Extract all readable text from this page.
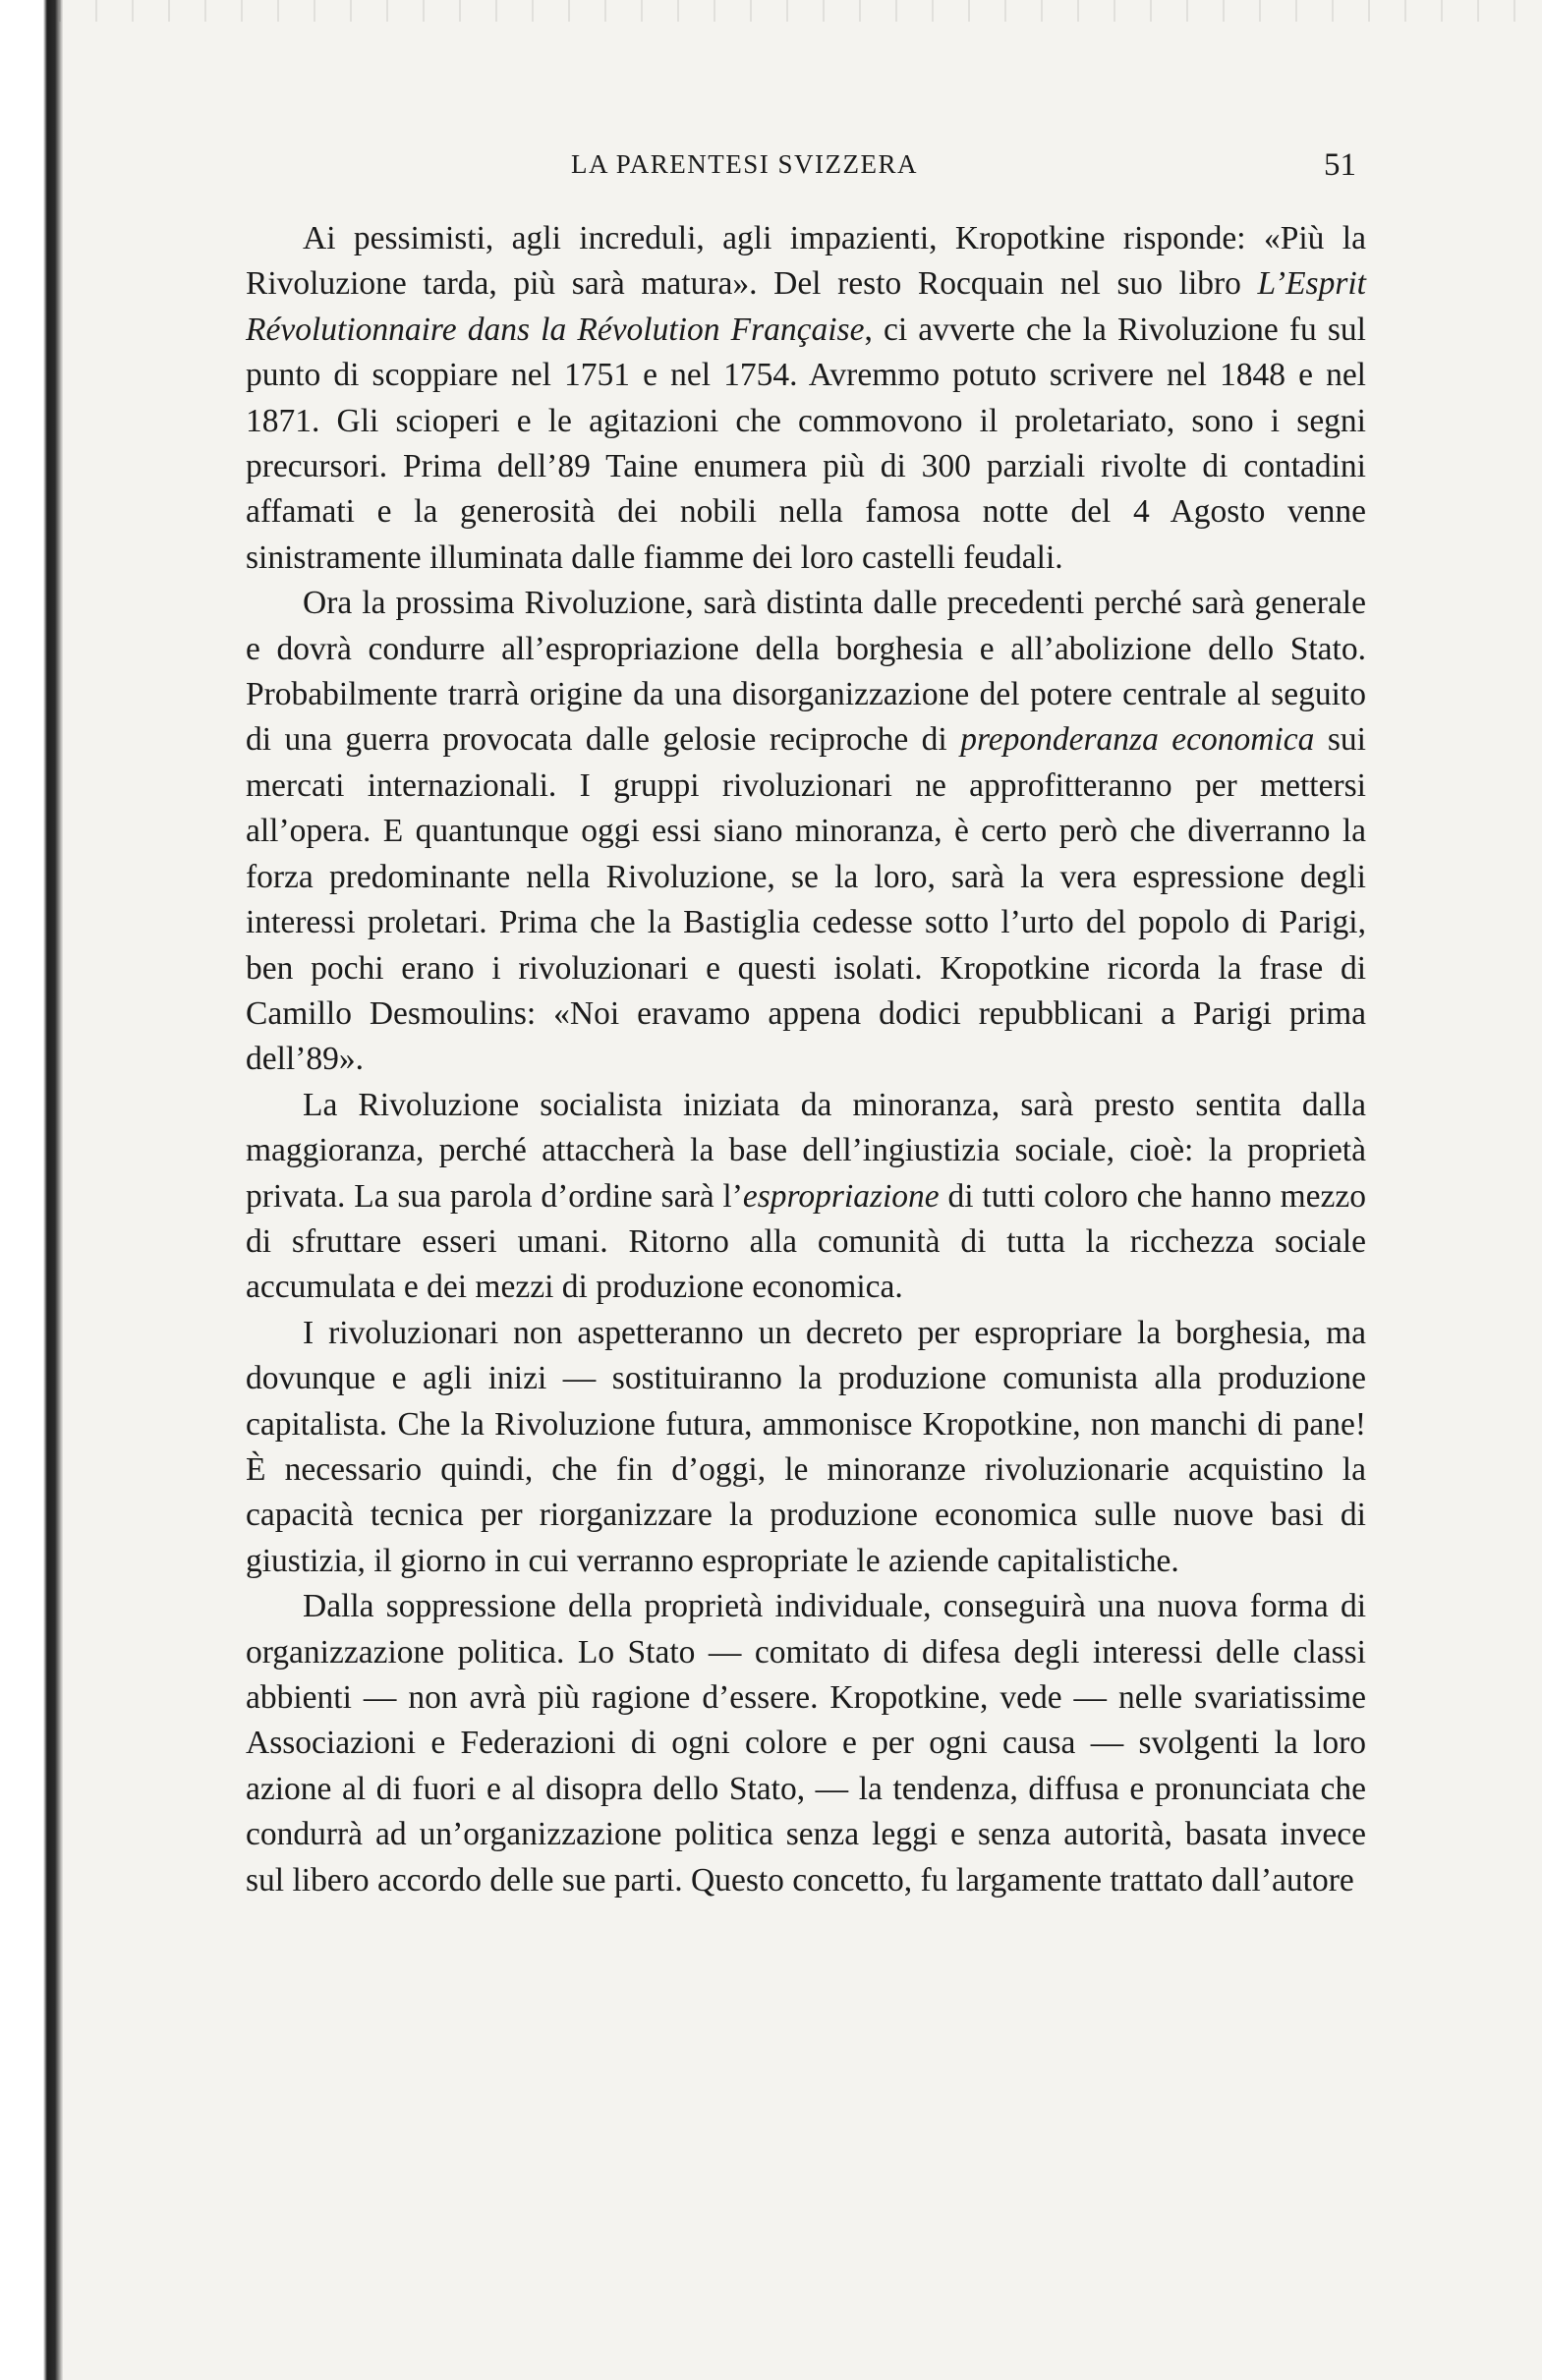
LA PARENTESI SVIZZERA	51

Ai pessimisti, agli increduli, agli impazienti, Kropotkine risponde: «Più la Rivoluzione tarda, più sarà matura». Del resto Rocquain nel suo libro L’Esprit Révolutionnaire dans la Révolution Française, ci avverte che la Rivoluzione fu sul punto di scoppiare nel 1751 e nel 1754. Avremmo potuto scrivere nel 1848 e nel 1871. Gli scioperi e le agitazioni che commovono il proletariato, sono i segni precursori. Prima dell’89 Taine enumera più di 300 parziali rivolte di contadini affamati e la generosità dei nobili nella famosa notte del 4 Agosto venne sinistramente illuminata dalle fiamme dei loro castelli feudali.

Ora la prossima Rivoluzione, sarà distinta dalle precedenti perché sarà generale e dovrà condurre all’espropriazione della borghesia e all’abolizione dello Stato. Probabilmente trarrà origine da una disorganizzazione del potere centrale al seguito di una guerra provocata dalle gelosie reciproche di preponderanza economica sui mercati internazionali. I gruppi rivoluzionari ne approfitteranno per mettersi all’opera. E quantunque oggi essi siano minoranza, è certo però che diverranno la forza predominante nella Rivoluzione, se la loro, sarà la vera espressione degli interessi proletari. Prima che la Bastiglia cedesse sotto l’urto del popolo di Parigi, ben pochi erano i rivoluzionari e questi isolati. Kropotkine ricorda la frase di Camillo Desmoulins: «Noi eravamo appena dodici repubblicani a Parigi prima dell’89».

La Rivoluzione socialista iniziata da minoranza, sarà presto sentita dalla maggioranza, perché attaccherà la base dell’ingiustizia sociale, cioè: la proprietà privata. La sua parola d’ordine sarà l’espropriazione di tutti coloro che hanno mezzo di sfruttare esseri umani. Ritorno alla comunità di tutta la ricchezza sociale accumulata e dei mezzi di produzione economica.

I rivoluzionari non aspetteranno un decreto per espropriare la borghesia, ma dovunque e agli inizi — sostituiranno la produzione comunista alla produzione capitalista. Che la Rivoluzione futura, ammonisce Kropotkine, non manchi di pane! È necessario quindi, che fin d’oggi, le minoranze rivoluzionarie acquistino la capacità tecnica per riorganizzare la produzione economica sulle nuove basi di giustizia, il giorno in cui verranno espropriate le aziende capitalistiche.

Dalla soppressione della proprietà individuale, conseguirà una nuova forma di organizzazione politica. Lo Stato — comitato di difesa degli interessi delle classi abbienti — non avrà più ragione d’essere. Kropotkine, vede — nelle svariatissime Associazioni e Federazioni di ogni colore e per ogni causa — svolgenti la loro azione al di fuori e al disopra dello Stato, — la tendenza, diffusa e pronunciata che condurrà ad un’organizzazione politica senza leggi e senza autorità, basata invece sul libero accordo delle sue parti. Questo concetto, fu largamente trattato dall’autore
